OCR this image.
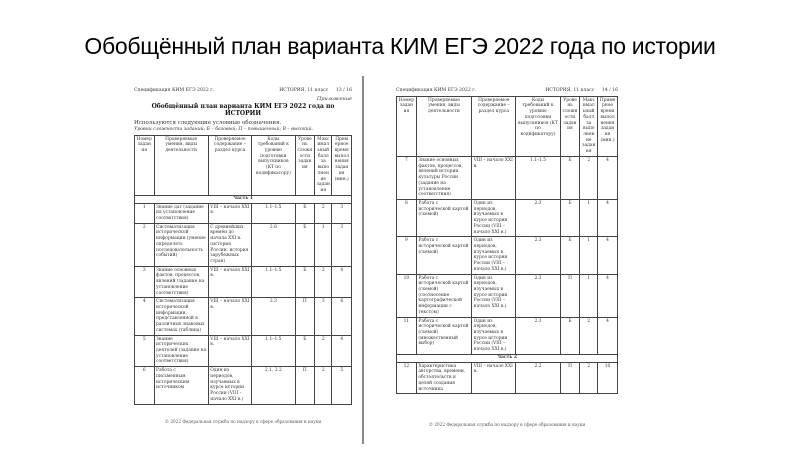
Обобщённый план варианта КИМ ЕГЭ 2022 года по истории
Спецификация КИМ ЕГЭ 2022 г.	ИСТОРИЯ, 11 класс 13 / 16
Приложение
Обобщённый план варианта КИМ ЕГЭ 2022 года по ИСТОРИИ
Используются следующие условные обозначения.
Уровни сложности заданий: Б – базовый; П – повышенный; В – высокий.
Номер задания	Проверяемые умения, виды деятельности	Проверяемое содержание – раздел курса	Коды требований к уровню подготовки выпускников (КТ по кодификатору)	Уровень сложности задания	Максимальный балл за выполнение задания	Примерное время выполнения задания (мин.)
Часть 1						
1	Знание дат (задание на установление соответствия)	VIII – начало XXI в.	1.1–1.5	Б	2	3
2	Систематизация исторической информации (умение определять последовательность событий)	С древнейших времён до начала XXI в. (история России, история зарубежных стран)	2.6	Б	1	3
3	Знание основных фактов, процессов, явлений (задание на установление соответствия)	VIII – начало XXI в.	1.1–1.5	Б	2	4
4	Систематизация исторической информации, представленной в различных знаковых системах (таблица)	VIII – начало XXI в.	2.3	П	3	6
5	Знание исторических деятелей (задание на установление соответствия)	VIII – начало XXI в.	1.1–1.5	Б	2	4
6	Работа с письменным историческим источником	Один из периодов, изучаемых в курсе истории России (VIII – начало XXI в.)	2.1, 2.2	П	2	5
© 2022 Федеральная служба по надзору в сфере образования и науки
Спецификация КИМ ЕГЭ 2022 г.	ИСТОРИЯ, 11 класс 14 / 16
Номер задания	Проверяемые умения, виды деятельности	Проверяемое содержание – раздел курса	Коды требований к уровню подготовки выпускников (КТ по кодификатору)	Уровень сложности задания	Максимальный балл за выполнение задания	Примерное время выполнения задания (мин.)
7	Знание основных фактов, процессов, явлений истории культуры России (задание на установление соответствия)	VIII – начало XXI в.	1.1–1.5	Б	2	4
8	Работа с исторической картой (схемой)	Один из периодов, изучаемых в курсе истории России (VIII – начало XXI в.)	2.3	Б	1	4
9	Работа с исторической картой (схемой)	Один из периодов, изучаемых в курсе истории России (VIII – начало XXI в.)	2.3	Б	1	4
10	Работа с исторической картой (схемой) (соотнесение картографической информации с текстом)	Один из периодов, изучаемых в курсе истории России (VIII – начало XXI в.)	2.3	П	1	4
11	Работа с исторической картой (схемой) (множественный выбор)	Один из периодов, изучаемых в курсе истории России (VIII – начало XXI в.)	2.3	Б	2	4
Часть 2						
12	Характеристика авторства, времени, обстоятельств и целей создания источника	VIII – начало XXI в.	2.2	П	2	10
© 2022 Федеральная служба по надзору в сфере образования и науки
